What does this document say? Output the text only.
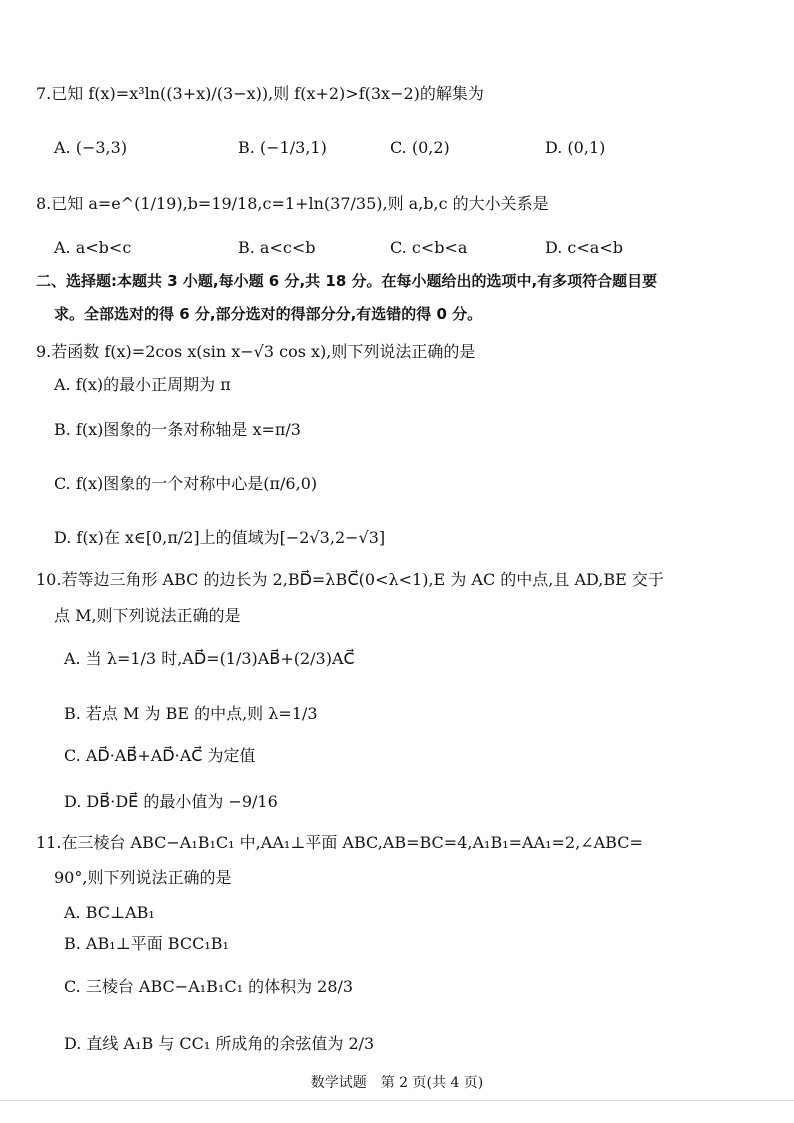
7.已知 f(x)=x³ln((3+x)/(3−x)),则 f(x+2)>f(3x−2)的解集为
A. (−3,3)	B. (−1/3,1)	C. (0,2)	D. (0,1)
8.已知 a=e^(1/19),b=19/18,c=1+ln(37/35),则 a,b,c 的大小关系是
A. a<b<c	B. a<c<b	C. c<b<a	D. c<a<b
二、选择题:本题共 3 小题,每小题 6 分,共 18 分。在每小题给出的选项中,有多项符合题目要
求。全部选对的得 6 分,部分选对的得部分分,有选错的得 0 分。
9.若函数 f(x)=2cos x(sin x−√3 cos x),则下列说法正确的是
A. f(x)的最小正周期为 π
B. f(x)图象的一条对称轴是 x=π/3
C. f(x)图象的一个对称中心是(π/6,0)
D. f(x)在 x∈[0,π/2]上的值域为[−2√3,2−√3]
10.若等边三角形 ABC 的边长为 2,BD⃗=λBC⃗(0<λ<1),E 为 AC 的中点,且 AD,BE 交于
点 M,则下列说法正确的是
A. 当 λ=1/3 时,AD⃗=(1/3)AB⃗+(2/3)AC⃗
B. 若点 M 为 BE 的中点,则 λ=1/3
C. AD⃗·AB⃗+AD⃗·AC⃗ 为定值
D. DB⃗·DE⃗ 的最小值为 −9/16
11.在三棱台 ABC−A₁B₁C₁ 中,AA₁⊥平面 ABC,AB=BC=4,A₁B₁=AA₁=2,∠ABC=
90°,则下列说法正确的是
A. BC⊥AB₁
B. AB₁⊥平面 BCC₁B₁
C. 三棱台 ABC−A₁B₁C₁ 的体积为 28/3
D. 直线 A₁B 与 CC₁ 所成角的余弦值为 2/3
数学试题　第 2 页(共 4 页)
